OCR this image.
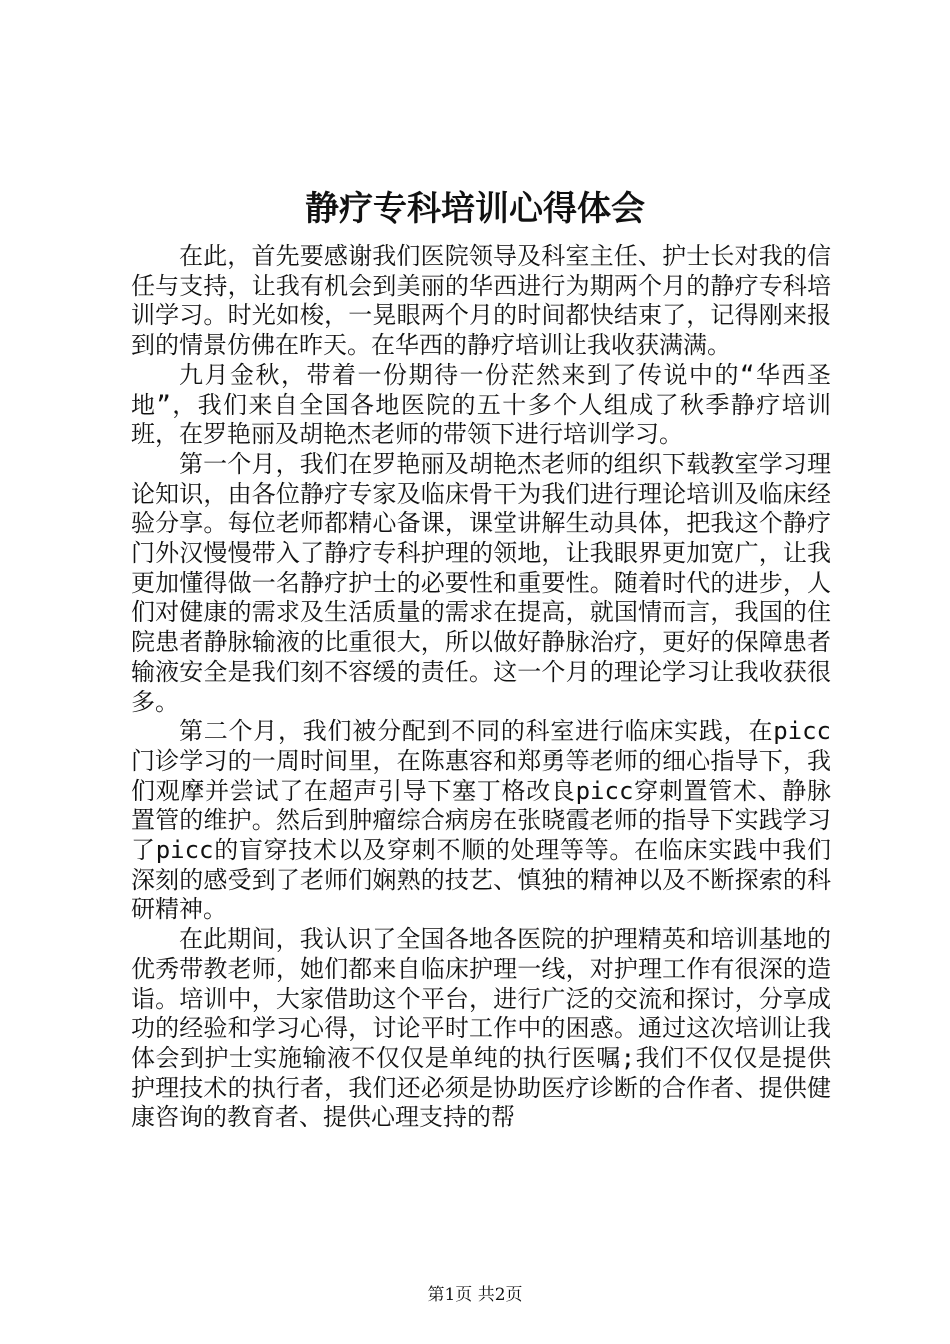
静疗专科培训心得体会

在此，首先要感谢我们医院领导及科室主任、护士长对我的信任与支持，让我有机会到美丽的华西进行为期两个月的静疗专科培训学习。时光如梭，一晃眼两个月的时间都快结束了，记得刚来报到的情景仿佛在昨天。在华西的静疗培训让我收获满满。

九月金秋，带着一份期待一份茫然来到了传说中的“华西圣地”，我们来自全国各地医院的五十多个人组成了秋季静疗培训班，在罗艳丽及胡艳杰老师的带领下进行培训学习。

第一个月，我们在罗艳丽及胡艳杰老师的组织下载教室学习理论知识，由各位静疗专家及临床骨干为我们进行理论培训及临床经验分享。每位老师都精心备课，课堂讲解生动具体，把我这个静疗门外汉慢慢带入了静疗专科护理的领地，让我眼界更加宽广，让我更加懂得做一名静疗护士的必要性和重要性。随着时代的进步，人们对健康的需求及生活质量的需求在提高，就国情而言，我国的住院患者静脉输液的比重很大，所以做好静脉治疗，更好的保障患者输液安全是我们刻不容缓的责任。这一个月的理论学习让我收获很多。

第二个月，我们被分配到不同的科室进行临床实践，在picc门诊学习的一周时间里，在陈惠容和郑勇等老师的细心指导下，我们观摩并尝试了在超声引导下塞丁格改良picc穿刺置管术、静脉置管的维护。然后到肿瘤综合病房在张晓霞老师的指导下实践学习了picc的盲穿技术以及穿刺不顺的处理等等。在临床实践中我们深刻的感受到了老师们娴熟的技艺、慎独的精神以及不断探索的科研精神。

在此期间，我认识了全国各地各医院的护理精英和培训基地的优秀带教老师，她们都来自临床护理一线，对护理工作有很深的造诣。培训中，大家借助这个平台，进行广泛的交流和探讨，分享成功的经验和学习心得，讨论平时工作中的困惑。通过这次培训让我体会到护士实施输液不仅仅是单纯的执行医嘱;我们不仅仅是提供护理技术的执行者，我们还必须是协助医疗诊断的合作者、提供健康咨询的教育者、提供心理支持的帮

第1页 共2页
